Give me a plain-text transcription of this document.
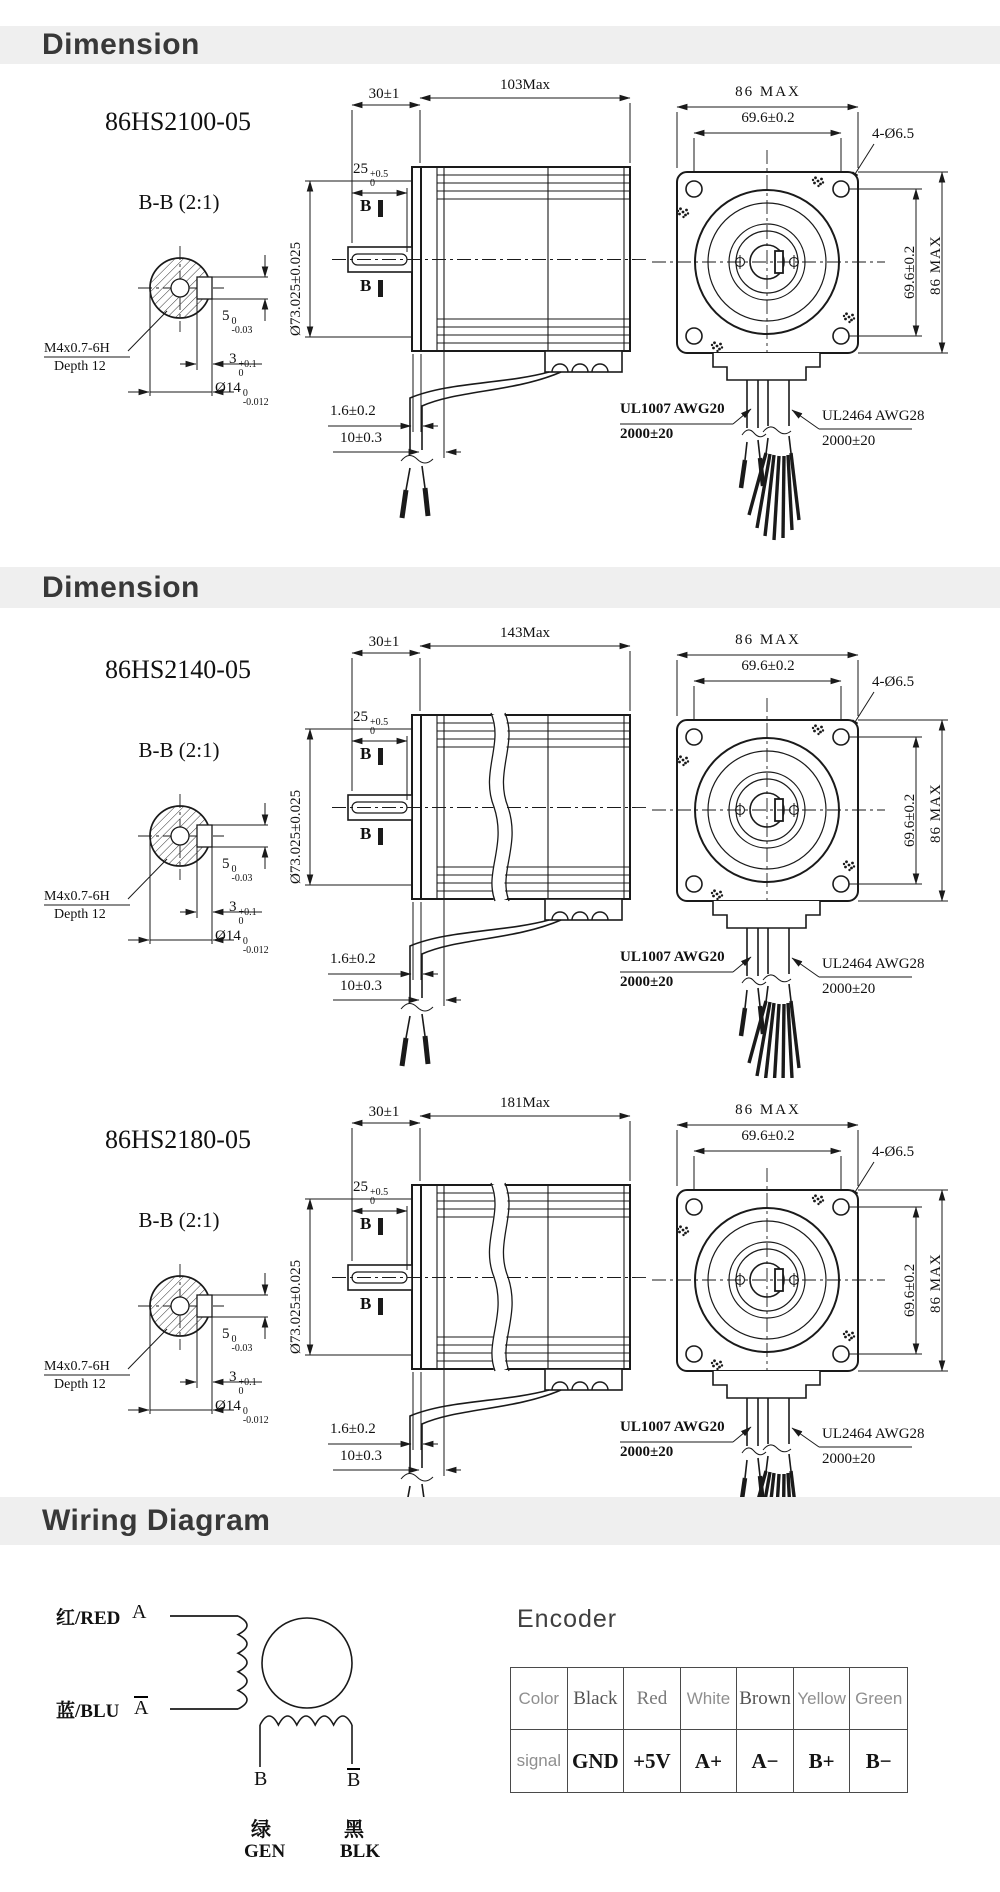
Dimension
86HS2100-05
B-B (2:1)
M4x0.7-6H
Depth 12
5 0
-0.03
3 +0.1
0
Ø14 0
-0.012
30±1
103Max
25 +0.5
0
B
B
Ø73.025±0.025
1.6±0.2
10±0.3
86 MAX
69.6±0.2
4-Ø6.5
69.6±0.2 86 MAX
UL1007 AWG20
2000±20
UL2464 AWG28
2000±20
Dimension
86HS2140-05
B-B (2:1)
M4x0.7-6H
Depth 12
5 0
-0.03
3 +0.1
0
Ø14 0
-0.012
30±1
143Max
25 +0.5
0
B
B
Ø73.025±0.025
1.6±0.2
10±0.3
86 MAX
69.6±0.2
4-Ø6.5
69.6±0.2 86 MAX
UL1007 AWG20
2000±20
UL2464 AWG28
2000±20
86HS2180-05
B-B (2:1)
M4x0.7-6H
Depth 12
5 0
-0.03
3 +0.1
0
Ø14 0
-0.012
30±1
181Max
25 +0.5
0
B
B
Ø73.025±0.025
1.6±0.2
10±0.3
86 MAX
69.6±0.2
4-Ø6.5
69.6±0.2 86 MAX
UL1007 AWG20
2000±20
UL2464 AWG28
2000±20
Wiring Diagram
红/RED A
蓝/BLU A
B	B
绿
GEN
黑
BLK
Encoder
Color Black	Red	White Brown Yellow Green
signal GND +5V	A+	A−	B+	B−
